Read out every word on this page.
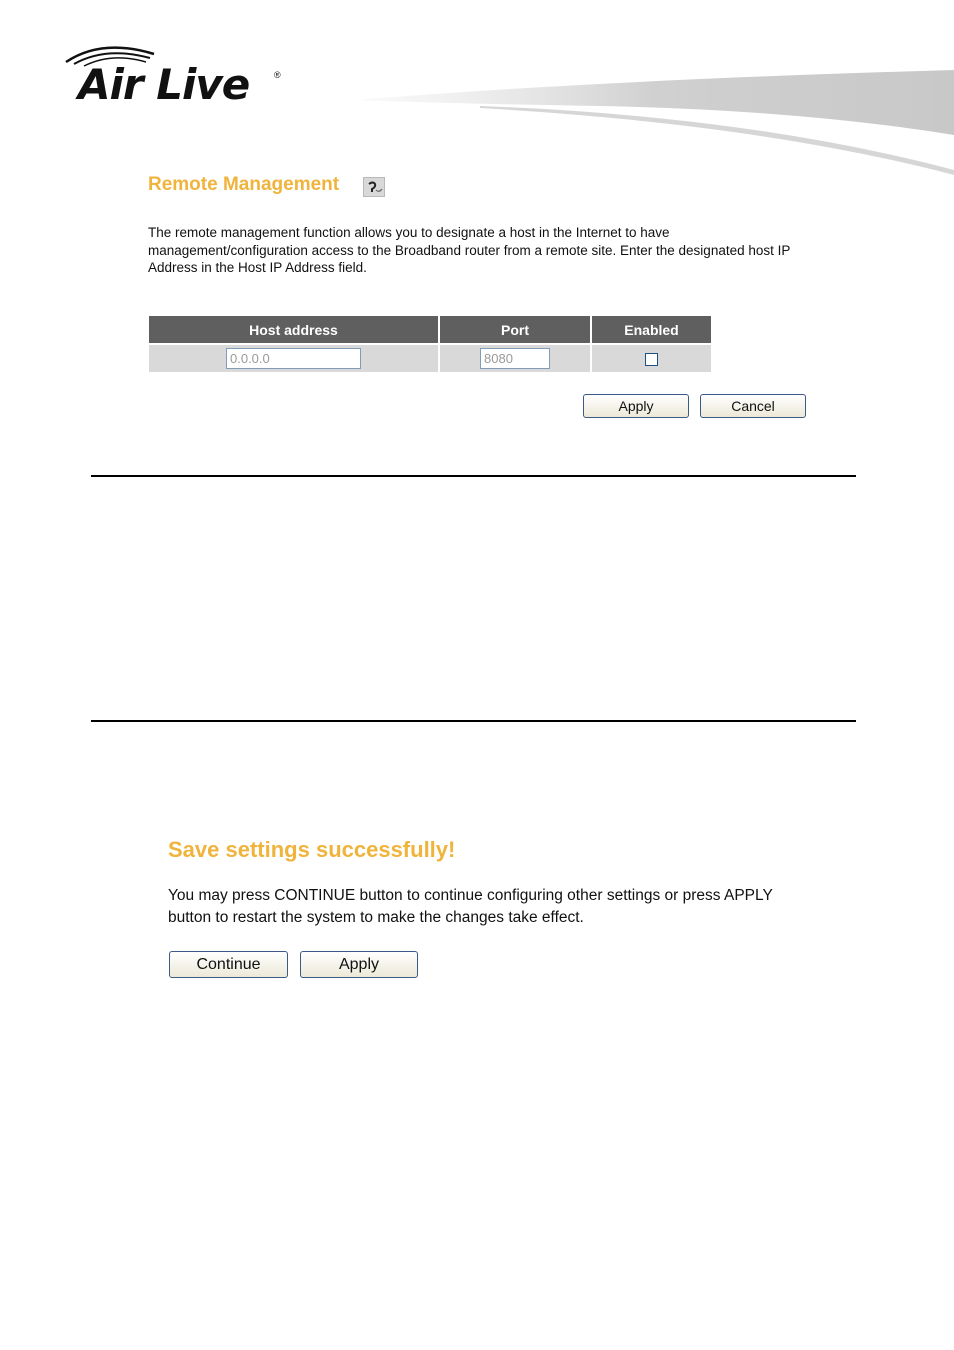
Air Live	®
Remote Management
The remote management function allows you to designate a host in the Internet to have management/configuration access to the Broadband router from a remote site. Enter the designated host IP Address in the Host IP Address field.
Host address	Port	Enabled
0.0.0.0	8080	
Apply	Cancel
Save settings successfully!
You may press CONTINUE button to continue configuring other settings or press APPLY button to restart the system to make the changes take effect.
Continue	Apply
